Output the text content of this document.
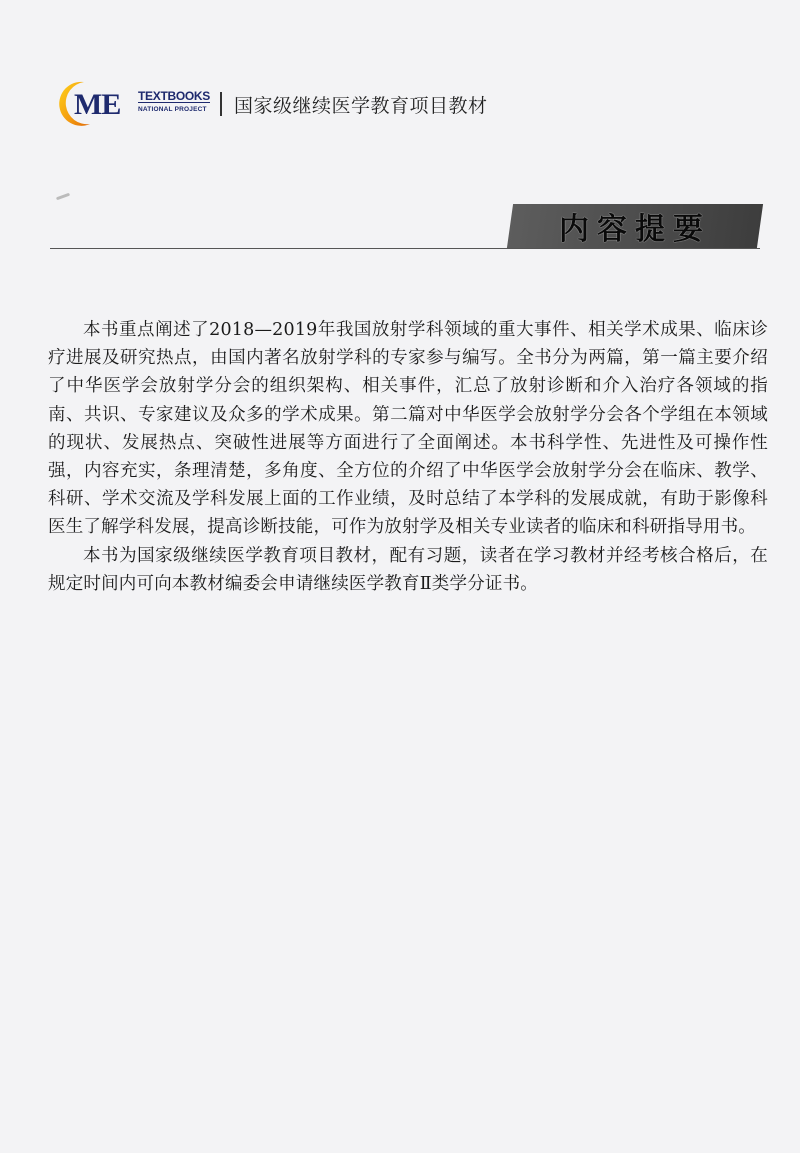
ME TEXTBOOKS
NATIONAL PROJECT 国家级继续医学教育项目教材
内容提要

本书重点阐述了2018—2019年我国放射学科领域的重大事件、相关学术成果、临床诊疗进展及研究热点，由国内著名放射学科的专家参与编写。全书分为两篇，第一篇主要介绍了中华医学会放射学分会的组织架构、相关事件，汇总了放射诊断和介入治疗各领域的指南、共识、专家建议及众多的学术成果。第二篇对中华医学会放射学分会各个学组在本领域的现状、发展热点、突破性进展等方面进行了全面阐述。本书科学性、先进性及可操作性强，内容充实，条理清楚，多角度、全方位的介绍了中华医学会放射学分会在临床、教学、科研、学术交流及学科发展上面的工作业绩，及时总结了本学科的发展成就，有助于影像科医生了解学科发展，提高诊断技能，可作为放射学及相关专业读者的临床和科研指导用书。

本书为国家级继续医学教育项目教材，配有习题，读者在学习教材并经考核合格后，在规定时间内可向本教材编委会申请继续医学教育Ⅱ类学分证书。
